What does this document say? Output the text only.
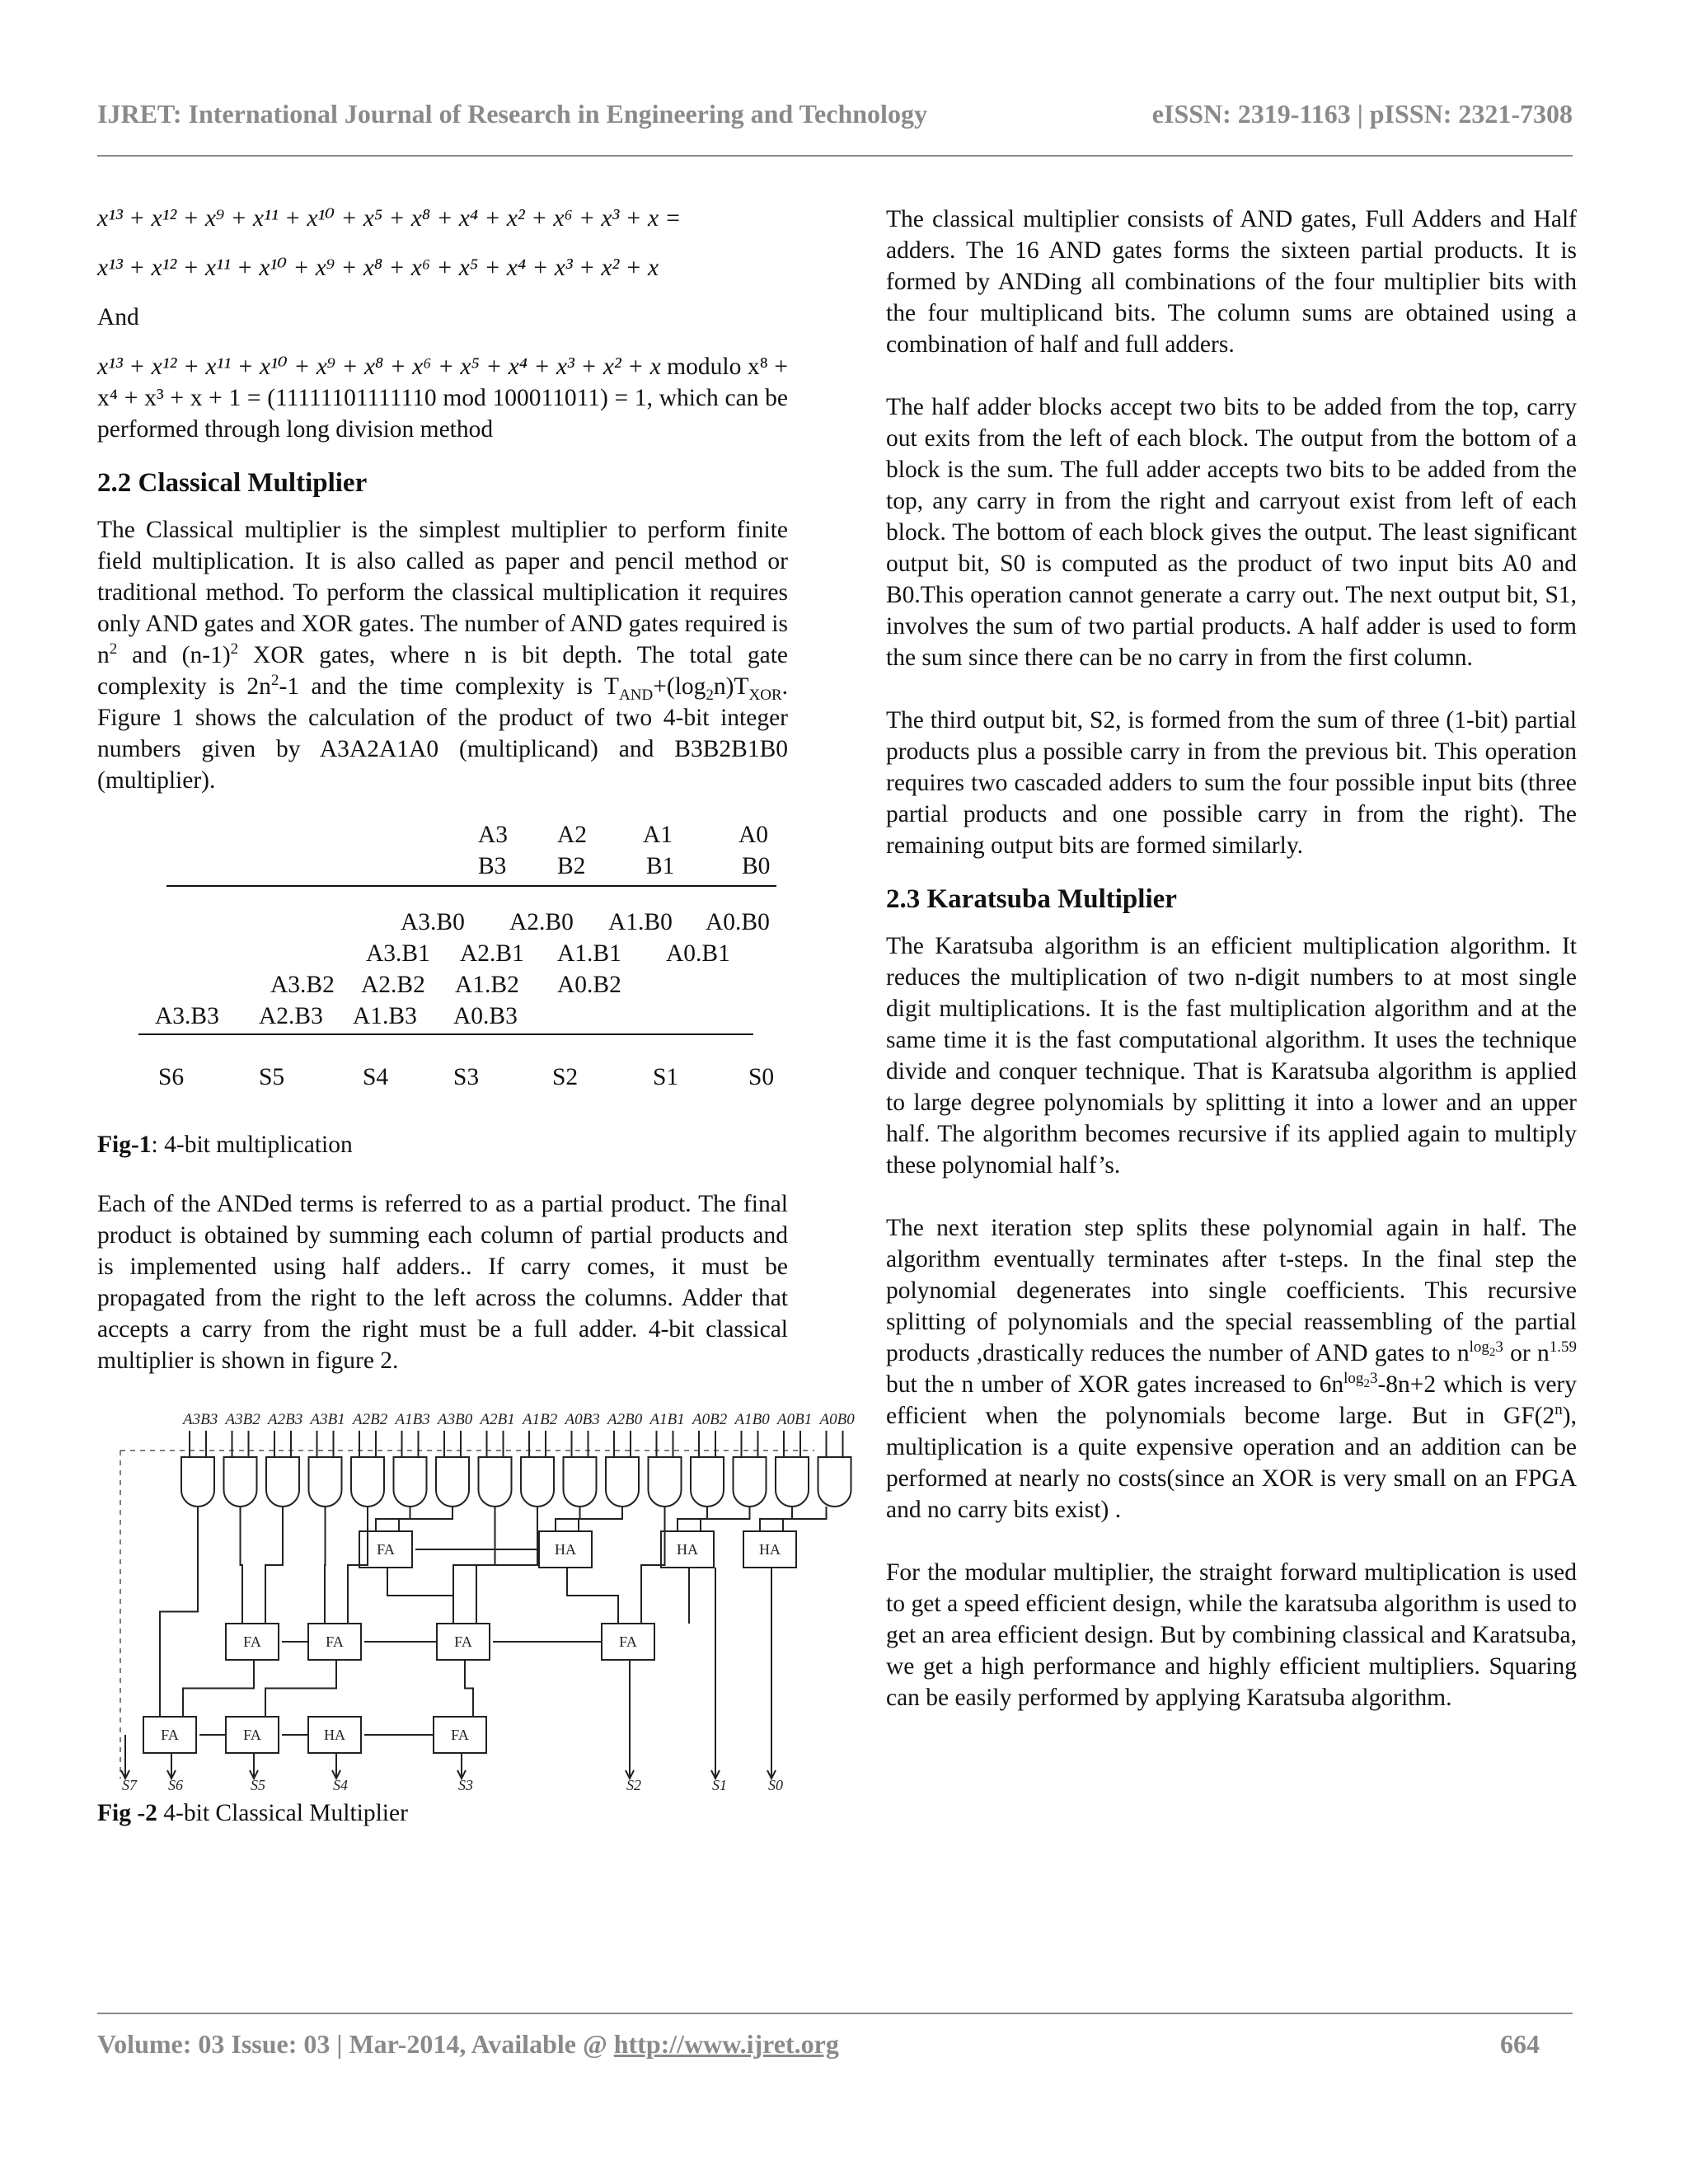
IJRET: International Journal of Research in Engineering and Technology	eISSN: 2319-1163 | pISSN: 2321-7308

x¹³ + x¹² + x⁹ + x¹¹ + x¹⁰ + x⁵ + x⁸ + x⁴ + x² + x⁶ + x³ + x =

x¹³ + x¹² + x¹¹ + x¹⁰ + x⁹ + x⁸ + x⁶ + x⁵ + x⁴ + x³ + x² + x

And

x¹³ + x¹² + x¹¹ + x¹⁰ + x⁹ + x⁸ + x⁶ + x⁵ + x⁴ + x³ + x² + x modulo x⁸ + x⁴ + x³ + x + 1 = (11111101111110 mod 100011011) = 1, which can be performed through long division method

2.2 Classical Multiplier

The Classical multiplier is the simplest multiplier to perform finite field multiplication. It is also called as paper and pencil method or traditional method. To perform the classical multiplication it requires only AND gates and XOR gates. The number of AND gates required is $n^2$ and $(n-1)^2$ XOR gates, where n is bit depth. The total gate complexity is $2n^2-1$ and the time complexity is $T_{AND}+(\log_2n)T_{XOR}$. Figure 1 shows the calculation of the product of two 4-bit integer numbers given by A3A2A1A0 (multiplicand) and B3B2B1B0 (multiplier).

A3 A2 A1	A0
B3 B2 B1	B0
A3.B0 A2.B0 A1.B0 A0.B0
A3.B1 A2.B1 A1.B1 A0.B1
A3.B2 A2.B2 A1.B2 A0.B2
A3.B3 A2.B3 A1.B3 A0.B3
S6	S5	S4	S3	S2	S1	S0

Fig-1: 4-bit multiplication

Each of the ANDed terms is referred to as a partial product. The final product is obtained by summing each column of partial products and is implemented using half adders.. If carry comes, it must be propagated from the right to the left across the columns. Adder that accepts a carry from the right must be a full adder. 4-bit classical multiplier is shown in figure 2.

A3B3 A3B2 A2B3 A3B1 A2B2 A1B3 A3B0 A2B1 A1B2 A0B3 A2B0 A1B1 A0B2 A1B0 A0B1 A0B0
FA	HA	HA	HA
FA	FA	FA	FA
FA	FA	HA	FA
S7 S6	S5	S4	S3	S2	S1	S0

Fig -2 4-bit Classical Multiplier

The classical multiplier consists of AND gates, Full Adders and Half adders. The 16 AND gates forms the sixteen partial products. It is formed by ANDing all combinations of the four multiplier bits with the four multiplicand bits. The column sums are obtained using a combination of half and full adders.

The half adder blocks accept two bits to be added from the top, carry out exits from the left of each block. The output from the bottom of a block is the sum. The full adder accepts two bits to be added from the top, any carry in from the right and carryout exist from left of each block. The bottom of each block gives the output. The least significant output bit, S0 is computed as the product of two input bits A0 and B0.This operation cannot generate a carry out. The next output bit, S1, involves the sum of two partial products. A half adder is used to form the sum since there can be no carry in from the first column.

The third output bit, S2, is formed from the sum of three (1-bit) partial products plus a possible carry in from the previous bit. This operation requires two cascaded adders to sum the four possible input bits (three partial products and one possible carry in from the right). The remaining output bits are formed similarly.

2.3 Karatsuba Multiplier

The Karatsuba algorithm is an efficient multiplication algorithm. It reduces the multiplication of two n-digit numbers to at most single digit multiplications. It is the fast multiplication algorithm and at the same time it is the fast computational algorithm. It uses the technique divide and conquer technique. That is Karatsuba algorithm is applied to large degree polynomials by splitting it into a lower and an upper half. The algorithm becomes recursive if its applied again to multiply these polynomial half’s.

The next iteration step splits these polynomial again in half. The algorithm eventually terminates after t-steps. In the final step the polynomial degenerates into single coefficients. This recursive splitting of polynomials and the special reassembling of the partial products ,drastically reduces the number of AND gates to $n^{log_23}$ or $n^{1.59}$ but the n umber of XOR gates increased to $6n^{log_23}-8n+2$ which is very efficient when the polynomials become large. But in GF(2$^n$), multiplication is a quite expensive operation and an addition can be performed at nearly no costs(since an XOR is very small on an FPGA and no carry bits exist) .

For the modular multiplier, the straight forward multiplication is used to get a speed efficient design, while the karatsuba algorithm is used to get an area efficient design. But by combining classical and Karatsuba, we get a high performance and highly efficient multipliers. Squaring can be easily performed by applying Karatsuba algorithm.

Volume: 03 Issue: 03 | Mar-2014, Available @ http://www.ijret.org	664
